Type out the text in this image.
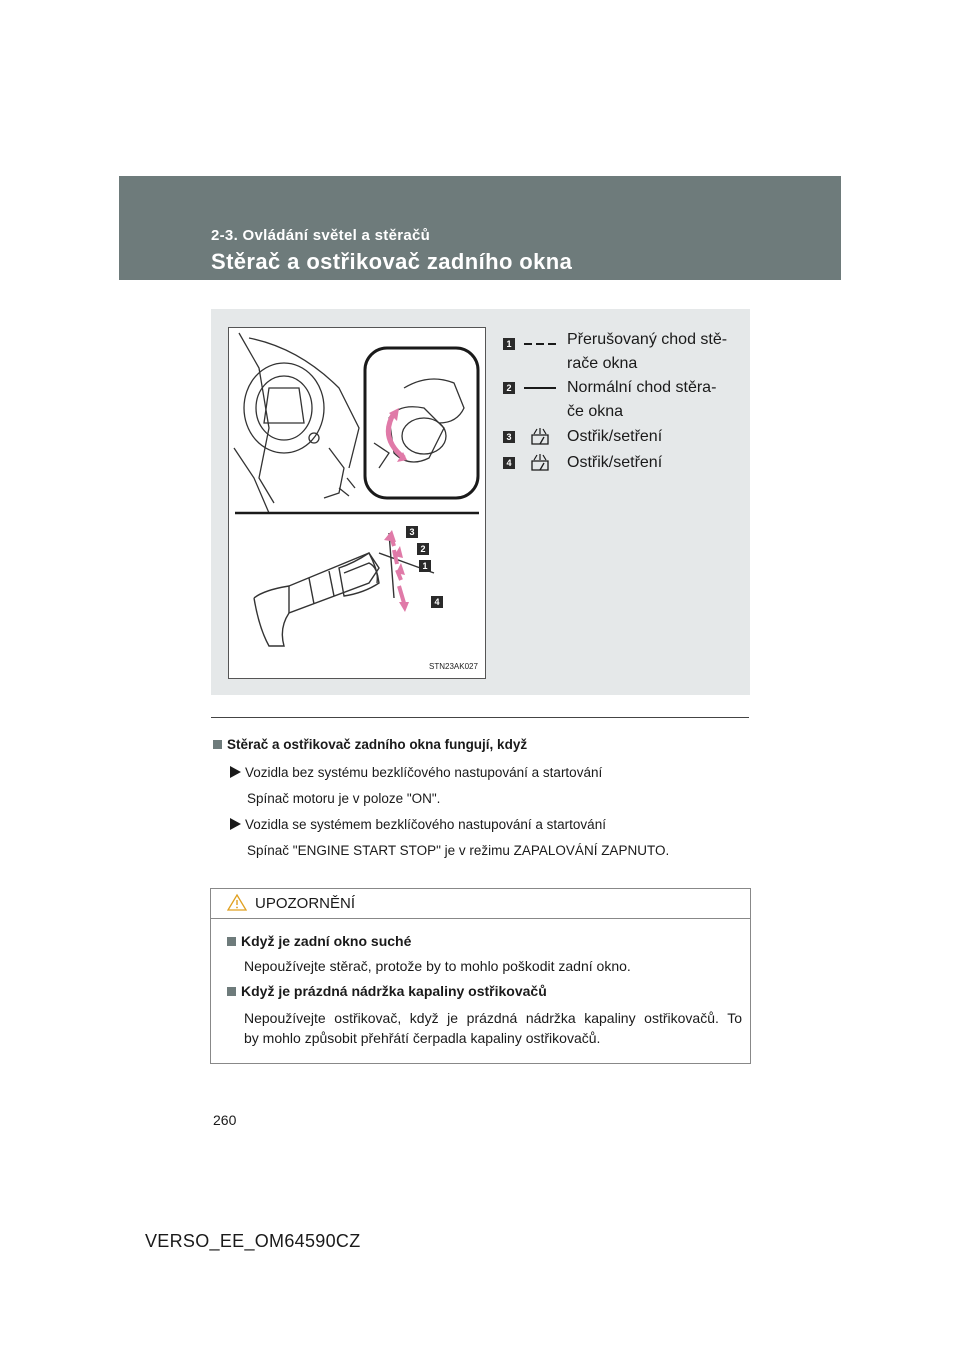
2-3. Ovládání světel a stěračů
Stěrač a ostřikovač zadního okna
3
2
1
4
STN23AK027
1	Přerušovaný chod stě-
rače okna
2	Normální chod stěra-
če okna
3	Ostřik/setření
4	Ostřik/setření
Stěrač a ostřikovač zadního okna fungují, když
Vozidla bez systému bezklíčového nastupování a startování
Spínač motoru je v poloze "ON".
Vozidla se systémem bezklíčového nastupování a startování
Spínač "ENGINE START STOP" je v režimu ZAPALOVÁNÍ ZAPNUTO.
UPOZORNĚNÍ
Když je zadní okno suché
Nepoužívejte stěrač, protože by to mohlo poškodit zadní okno.
Když je prázdná nádržka kapaliny ostřikovačů
Nepoužívejte ostřikovač, když je prázdná nádržka kapaliny ostřikovačů. To
by mohlo způsobit přehřátí čerpadla kapaliny ostřikovačů.
260
VERSO_EE_OM64590CZ
